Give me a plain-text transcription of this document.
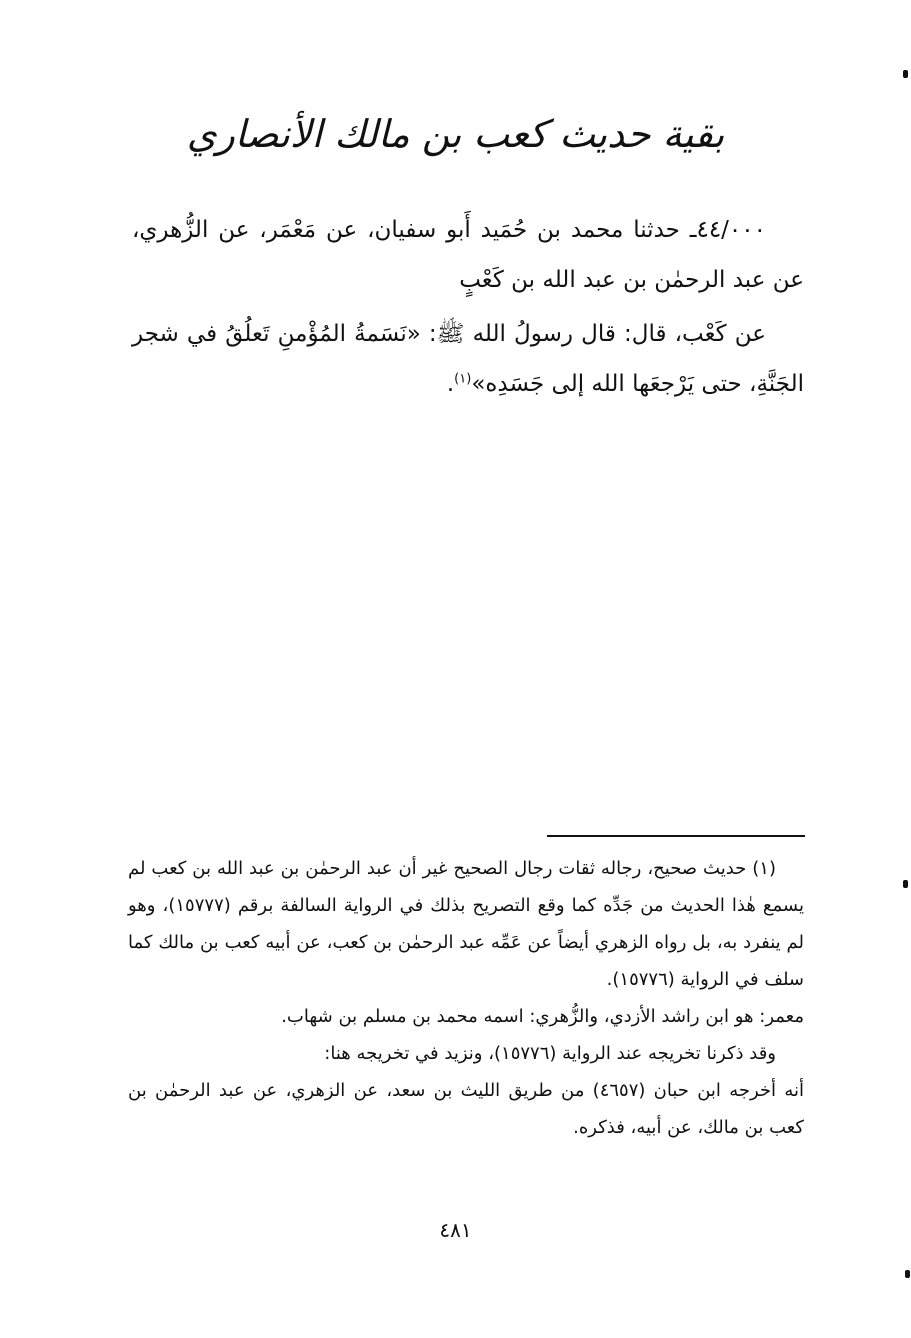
بقية حديث كعب بن مالك الأنصاري

٤٤/٠٠٠ـ حدثنا محمد بن حُمَيد أَبو سفيان، عن مَعْمَر، عن الزُّهري، عن عبد الرحمٰن بن عبد الله بن كَعْبٍ

عن كَعْب، قال: قال رسولُ الله ﷺ: «نَسَمةُ المُؤْمنِ تَعلُقُ في شجر الجَنَّةِ، حتى يَرْجعَها الله إلى جَسَدِه»$^{(١)}$.

(١) حديث صحيح، رجاله ثقات رجال الصحيح غير أن عبد الرحمٰن بن عبد الله بن كعب لم يسمع هٰذا الحديث من جَدِّه كما وقع التصريح بذلك في الرواية السالفة برقم (١٥٧٧٧)، وهو لم ينفرد به، بل رواه الزهري أيضاً عن عَمِّه عبد الرحمٰن بن كعب، عن أبيه كعب بن مالك كما سلف في الرواية (١٥٧٧٦).

معمر: هو ابن راشد الأزدي، والزُّهري: اسمه محمد بن مسلم بن شهاب.

وقد ذكرنا تخريجه عند الرواية (١٥٧٧٦)، ونزيد في تخريجه هنا:

أنه أخرجه ابن حبان (٤٦٥٧) من طريق الليث بن سعد، عن الزهري، عن عبد الرحمٰن بن كعب بن مالك، عن أبيه، فذكره.

٤٨١
